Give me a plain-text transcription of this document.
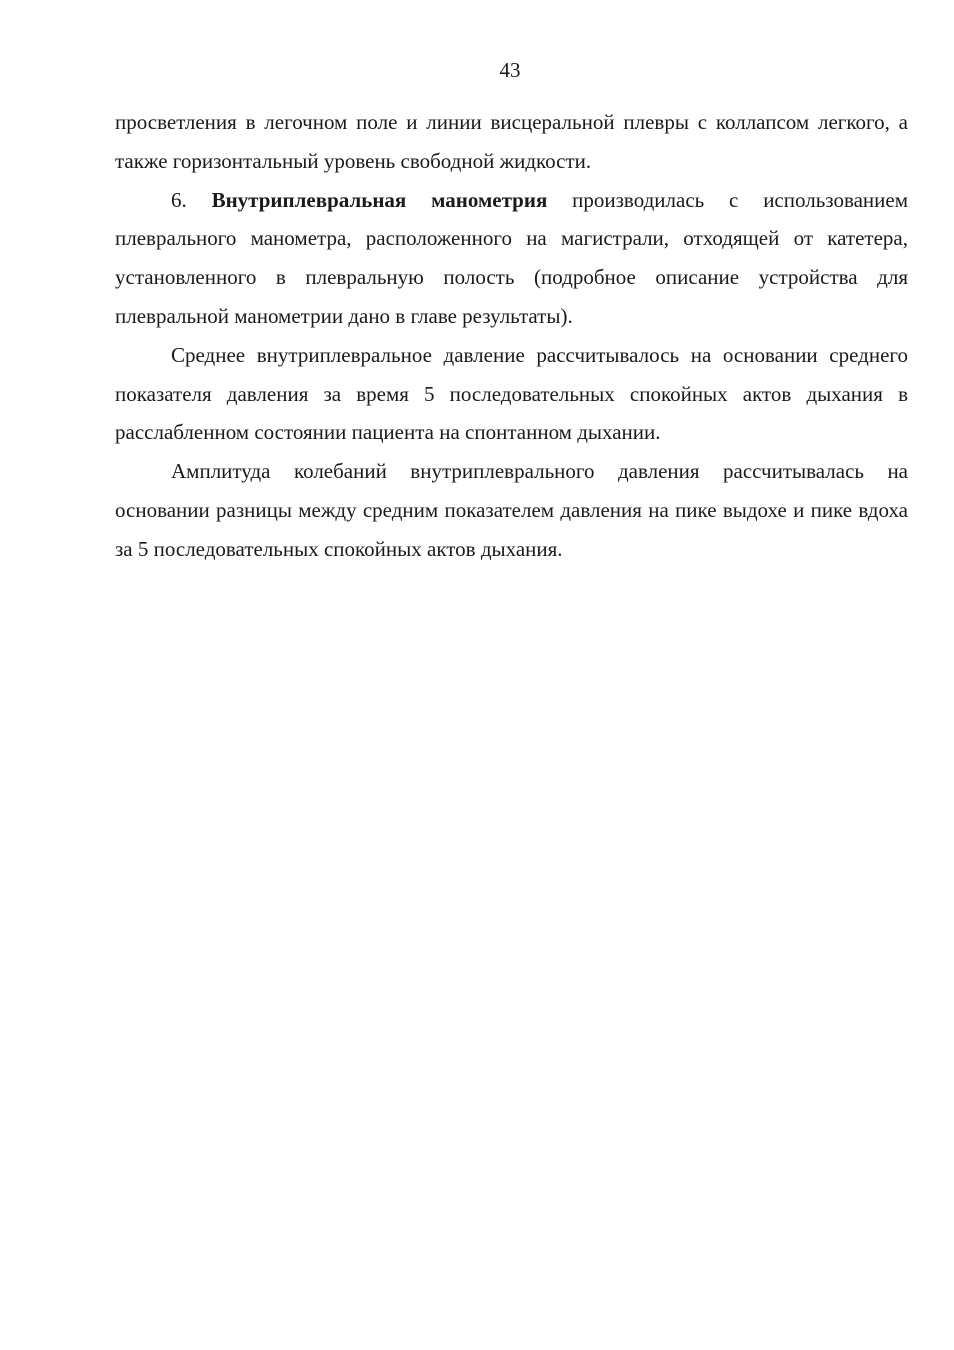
43

просветления в легочном поле и линии висцеральной плевры с коллапсом легкого, а также горизонтальный уровень свободной жидкости.

6. Внутриплевральная манометрия производилась с использованием плеврального манометра, расположенного на магистрали, отходящей от катетера, установленного в плевральную полость (подробное описание устройства для плевральной манометрии дано в главе результаты).

Среднее внутриплевральное давление рассчитывалось на основании среднего показателя давления за время 5 последовательных спокойных актов дыхания в расслабленном состоянии пациента на спонтанном дыхании.

Амплитуда колебаний внутриплеврального давления рассчитывалась на основании разницы между средним показателем давления на пике выдохе и пике вдоха за 5 последовательных спокойных актов дыхания.
